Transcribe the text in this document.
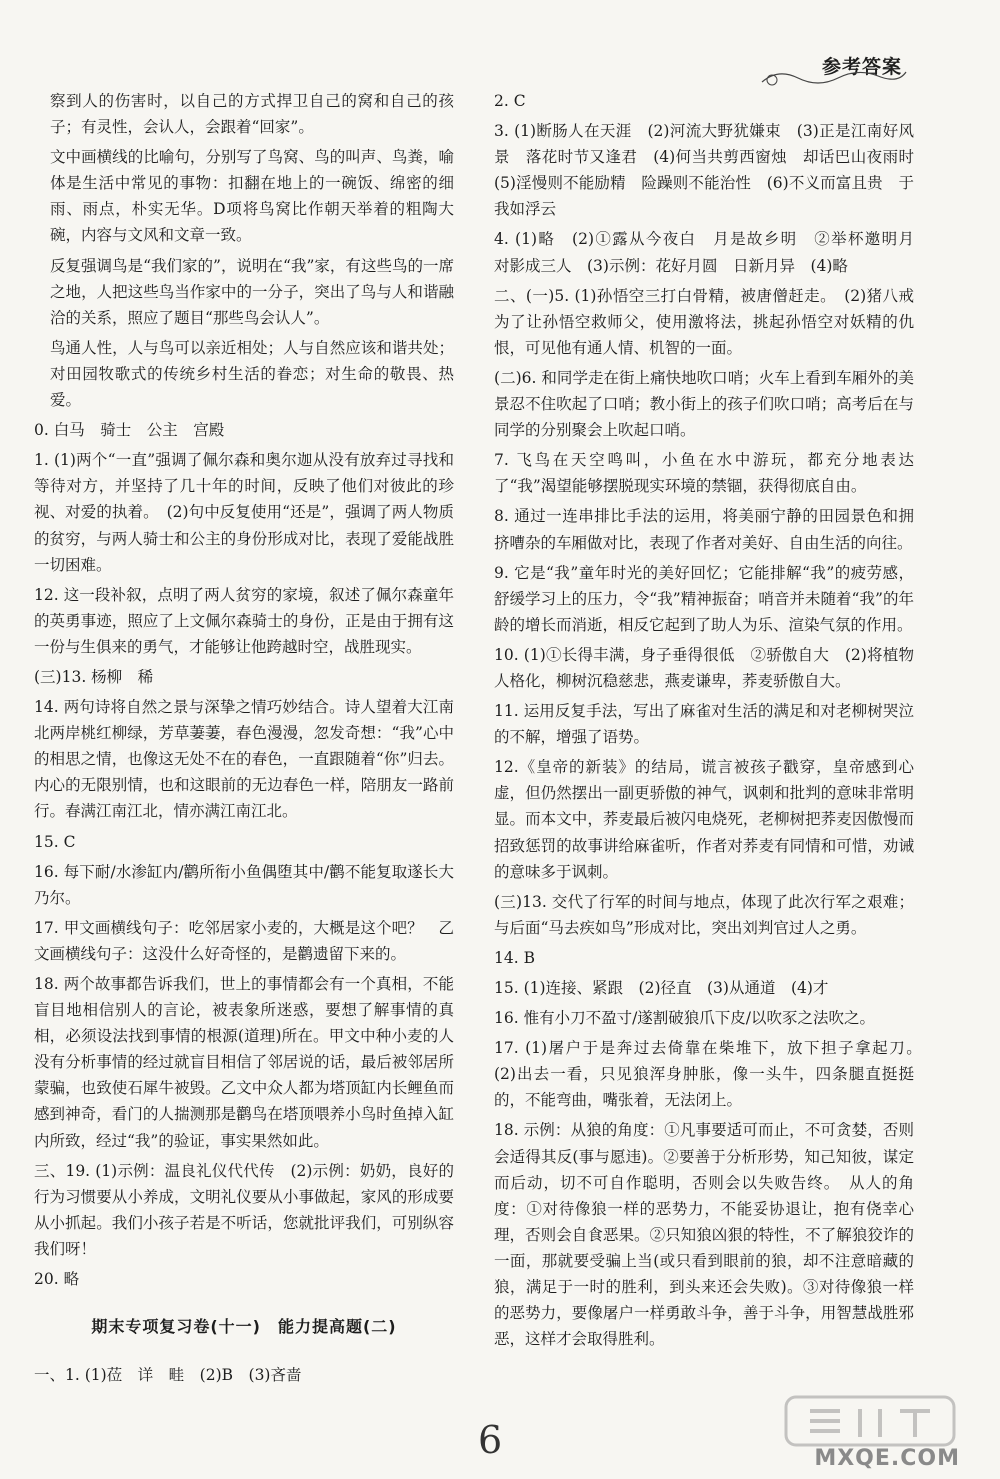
参考答案

察到人的伤害时，以自己的方式捍卫自己的窝和自己的孩子；有灵性，会认人，会跟着“回家”。

文中画横线的比喻句，分别写了鸟窝、鸟的叫声、鸟粪，喻体是生活中常见的事物：扣翻在地上的一碗饭、绵密的细雨、雨点，朴实无华。D项将鸟窝比作朝天举着的粗陶大碗，内容与文风和文章一致。

反复强调鸟是“我们家的”，说明在“我”家，有这些鸟的一席之地，人把这些鸟当作家中的一分子，突出了鸟与人和谐融洽的关系，照应了题目“那些鸟会认人”。

鸟通人性，人与鸟可以亲近相处；人与自然应该和谐共处；对田园牧歌式的传统乡村生活的眷恋；对生命的敬畏、热爱。

0. 白马　骑士　公主　宫殿

1. (1)两个“一直”强调了佩尔森和奥尔迦从没有放弃过寻找和等待对方，并坚持了几十年的时间，反映了他们对彼此的珍视、对爱的执着。　(2)句中反复使用“还是”，强调了两人物质的贫穷，与两人骑士和公主的身份形成对比，表现了爱能战胜一切困难。

12. 这一段补叙，点明了两人贫穷的家境，叙述了佩尔森童年的英勇事迹，照应了上文佩尔森骑士的身份，正是由于拥有这一份与生俱来的勇气，才能够让他跨越时空，战胜现实。

(三)13. 杨柳　稀

14. 两句诗将自然之景与深挚之情巧妙结合。诗人望着大江南北两岸桃红柳绿，芳草萋萋，春色漫漫，忽发奇想：“我”心中的相思之情，也像这无处不在的春色，一直跟随着“你”归去。内心的无限别情，也和这眼前的无边春色一样，陪朋友一路前行。春满江南江北，情亦满江南江北。

15. C

16. 每下耐/水渗缸内/鹳所衔小鱼偶堕其中/鹳不能复取遂长大乃尔。

17. 甲文画横线句子：吃邻居家小麦的，大概是这个吧？　乙文画横线句子：这没什么好奇怪的，是鹳遗留下来的。

18. 两个故事都告诉我们，世上的事情都会有一个真相，不能盲目地相信别人的言论，被表象所迷惑，要想了解事情的真相，必须设法找到事情的根源(道理)所在。甲文中种小麦的人没有分析事情的经过就盲目相信了邻居说的话，最后被邻居所蒙骗，也致使石犀牛被毁。乙文中众人都为塔顶缸内长鲤鱼而感到神奇，看门的人揣测那是鹳鸟在塔顶喂养小鸟时鱼掉入缸内所致，经过“我”的验证，事实果然如此。

三、19. (1)示例：温良礼仪代代传　(2)示例：奶奶，良好的行为习惯要从小养成，文明礼仪要从小事做起，家风的形成要从小抓起。我们小孩子若是不听话，您就批评我们，可别纵容我们呀！

20. 略

期末专项复习卷(十一)　能力提高题(二)

一、1. (1)莅　详　畦　(2)B　(3)吝啬

2. C

3. (1)断肠人在天涯　(2)河流大野犹嫌束　(3)正是江南好风景　落花时节又逢君　(4)何当共剪西窗烛　却话巴山夜雨时　(5)淫慢则不能励精　险躁则不能治性　(6)不义而富且贵　于我如浮云

4. (1)略　(2)①露从今夜白　月是故乡明　②举杯邀明月　对影成三人　(3)示例：花好月圆　日新月异　(4)略

二、(一)5. (1)孙悟空三打白骨精，被唐僧赶走。　(2)猪八戒为了让孙悟空救师父，使用激将法，挑起孙悟空对妖精的仇恨，可见他有通人情、机智的一面。

(二)6. 和同学走在街上痛快地吹口哨；火车上看到车厢外的美景忍不住吹起了口哨；教小街上的孩子们吹口哨；高考后在与同学的分别聚会上吹起口哨。

7. 飞鸟在天空鸣叫，小鱼在水中游玩，都充分地表达了“我”渴望能够摆脱现实环境的禁锢，获得彻底自由。

8. 通过一连串排比手法的运用，将美丽宁静的田园景色和拥挤嘈杂的车厢做对比，表现了作者对美好、自由生活的向往。

9. 它是“我”童年时光的美好回忆；它能排解“我”的疲劳感，舒缓学习上的压力，令“我”精神振奋；哨音并未随着“我”的年龄的增长而消逝，相反它起到了助人为乐、渲染气氛的作用。

10. (1)①长得丰满，身子垂得很低　②骄傲自大　(2)将植物人格化，柳树沉稳慈悲，燕麦谦卑，荞麦骄傲自大。

11. 运用反复手法，写出了麻雀对生活的满足和对老柳树哭泣的不解，增强了语势。

12.《皇帝的新装》的结局，谎言被孩子戳穿，皇帝感到心虚，但仍然摆出一副更骄傲的神气，讽刺和批判的意味非常明显。而本文中，荞麦最后被闪电烧死，老柳树把荞麦因傲慢而招致惩罚的故事讲给麻雀听，作者对荞麦有同情和可惜，劝诫的意味多于讽刺。

(三)13. 交代了行军的时间与地点，体现了此次行军之艰难；与后面“马去疾如鸟”形成对比，突出刘判官过人之勇。

14. B

15. (1)连接、紧跟　(2)径直　(3)从通道　(4)才

16. 惟有小刀不盈寸/遂割破狼爪下皮/以吹豕之法吹之。

17. (1)屠户于是奔过去倚靠在柴堆下，放下担子拿起刀。　(2)出去一看，只见狼浑身肿胀，像一头牛，四条腿直挺挺的，不能弯曲，嘴张着，无法闭上。

18. 示例：从狼的角度：①凡事要适可而止，不可贪婪，否则会适得其反(事与愿违)。②要善于分析形势，知己知彼，谋定而后动，切不可自作聪明，否则会以失败告终。　从人的角度：①对待像狼一样的恶势力，不能妥协退让，抱有侥幸心理，否则会自食恶果。②只知狼凶狠的特性，不了解狼狡诈的一面，那就要受骗上当(或只看到眼前的狼，却不注意暗藏的狼，满足于一时的胜利，到头来还会失败)。③对待像狼一样的恶势力，要像屠户一样勇敢斗争，善于斗争，用智慧战胜邪恶，这样才会取得胜利。

6	MXQE.COM
